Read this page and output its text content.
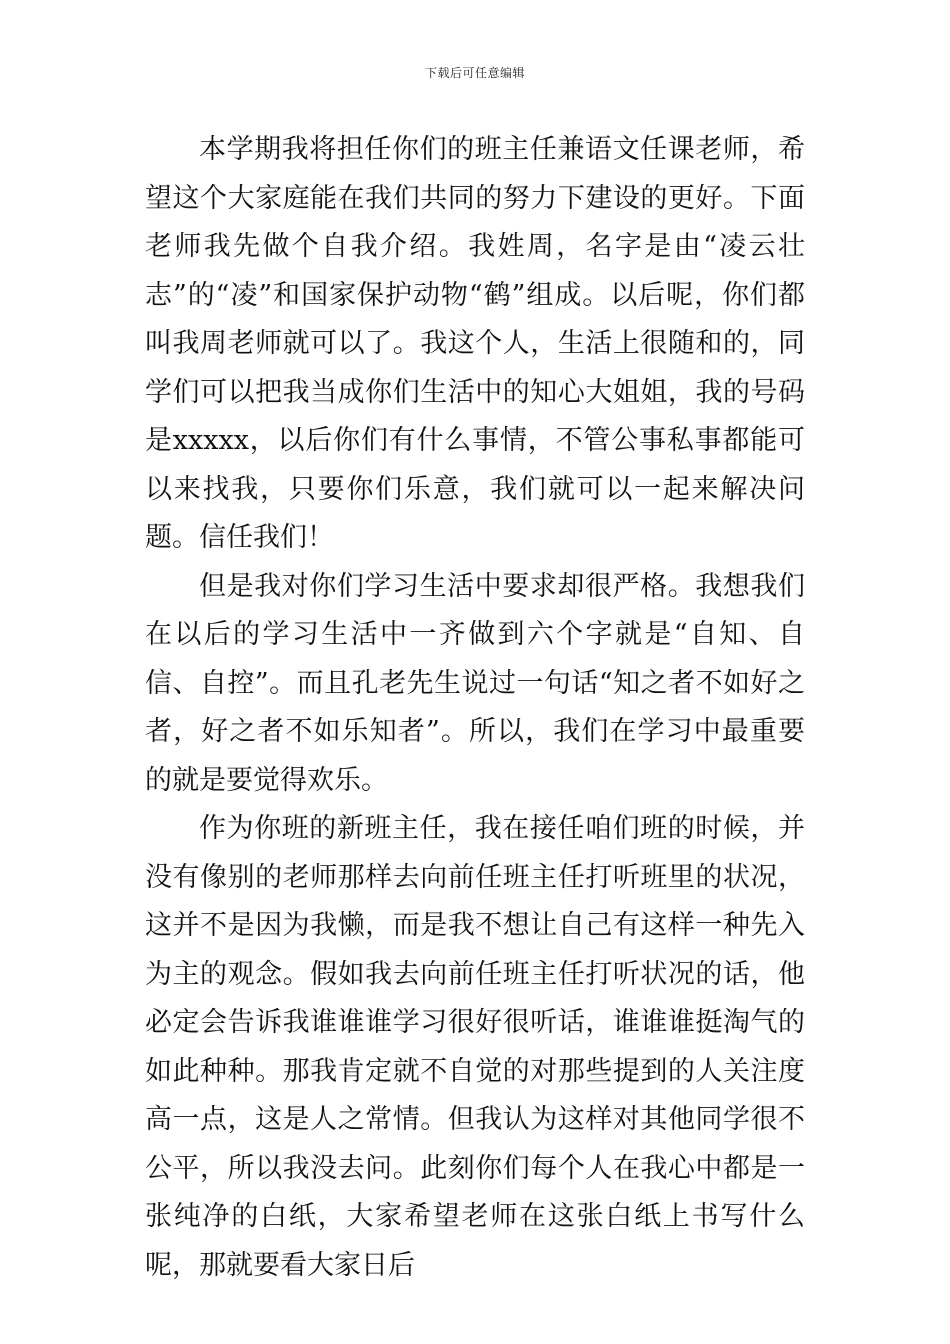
下载后可任意编辑

本学期我将担任你们的班主任兼语文任课老师，希望这个大家庭能在我们共同的努力下建设的更好。下面老师我先做个自我介绍。我姓周，名字是由“凌云壮志”的“凌”和国家保护动物“鹤”组成。以后呢，你们都叫我周老师就可以了。我这个人，生活上很随和的，同学们可以把我当成你们生活中的知心大姐姐，我的号码是xxxxx，以后你们有什么事情，不管公事私事都能可以来找我，只要你们乐意，我们就可以一起来解决问题。信任我们！

但是我对你们学习生活中要求却很严格。我想我们在以后的学习生活中一齐做到六个字就是“自知、自信、自控”。而且孔老先生说过一句话“知之者不如好之者，好之者不如乐知者”。所以，我们在学习中最重要的就是要觉得欢乐。

作为你班的新班主任，我在接任咱们班的时候，并没有像别的老师那样去向前任班主任打听班里的状况，这并不是因为我懒，而是我不想让自己有这样一种先入为主的观念。假如我去向前任班主任打听状况的话，他必定会告诉我谁谁谁学习很好很听话，谁谁谁挺淘气的如此种种。那我肯定就不自觉的对那些提到的人关注度高一点，这是人之常情。但我认为这样对其他同学很不公平，所以我没去问。此刻你们每个人在我心中都是一张纯净的白纸，大家希望老师在这张白纸上书写什么呢，那就要看大家日后
